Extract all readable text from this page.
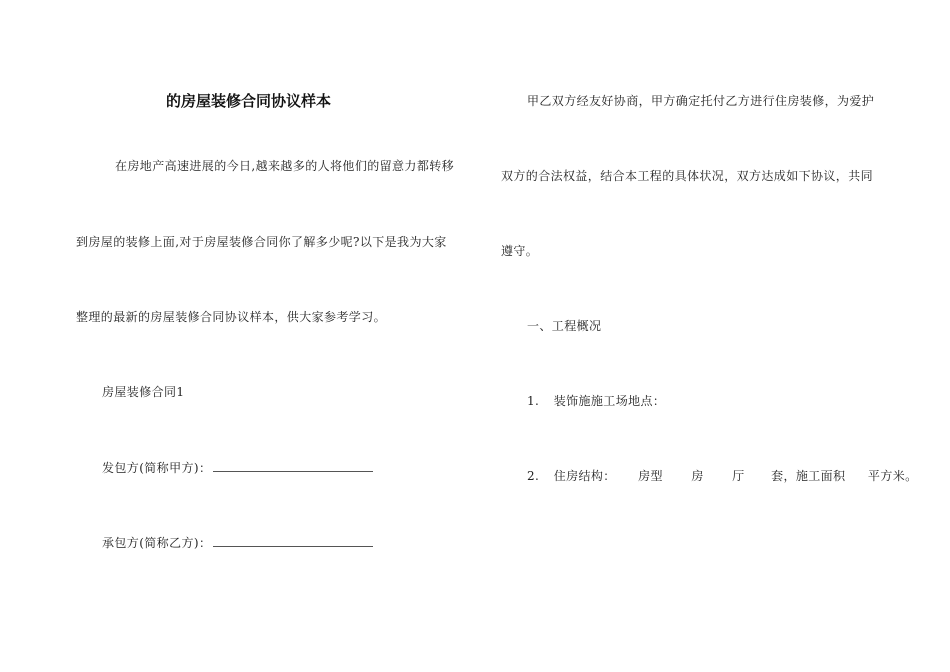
的房屋装修合同协议样本
在房地产高速进展的今日,越来越多的人将他们的留意力都转移
到房屋的装修上面,对于房屋装修合同你了解多少呢?以下是我为大家
整理的最新的房屋装修合同协议样本，供大家参考学习。
房屋装修合同1
发包方(简称甲方)：
承包方(简称乙方)：
甲乙双方经友好协商，甲方确定托付乙方进行住房装修，为爱护
双方的合法权益，结合本工程的具体状况，双方达成如下协议，共同
遵守。
一、工程概况
1. 装饰施施工场地点：
2. 住房结构： 房型 房 厅 套，施工面积 平方米。
